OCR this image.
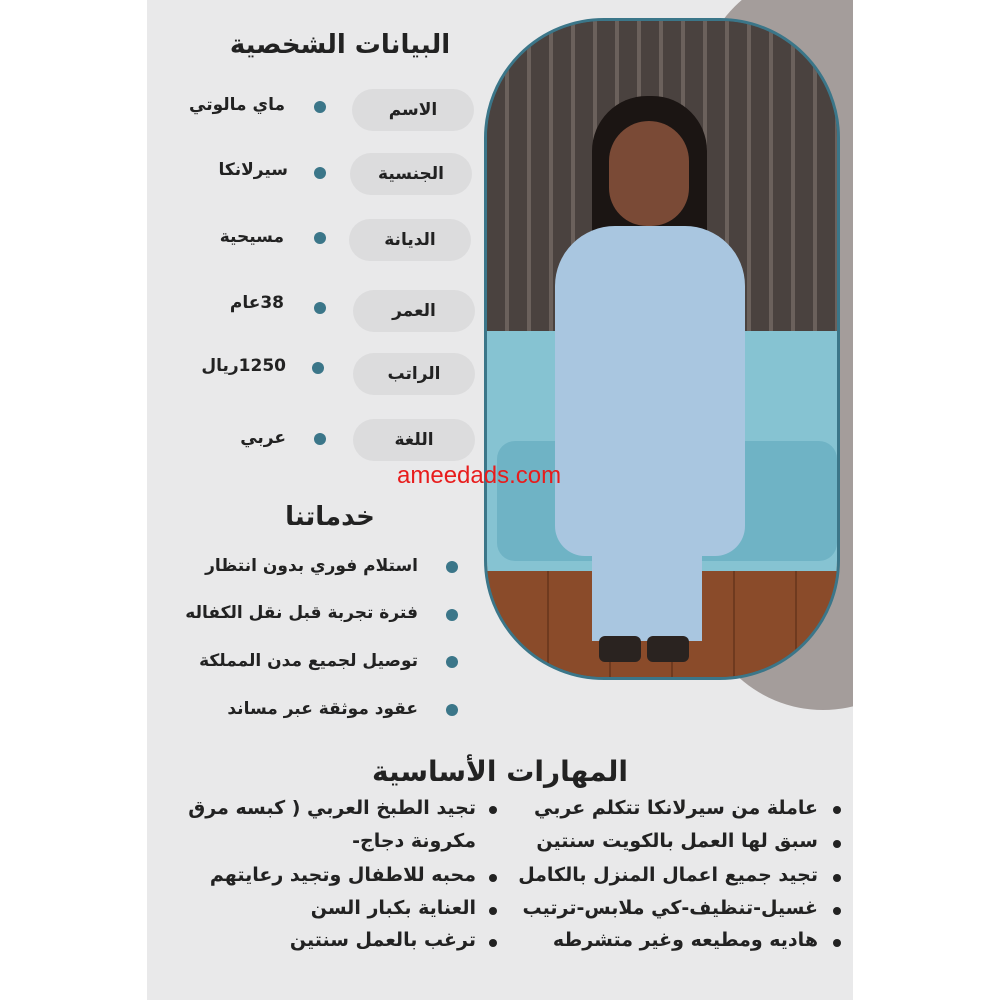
البيانات الشخصية
الاسم
ماي مالوتي
الجنسية
سيرلانكا
الديانة
مسيحية
العمر
38عام
الراتب
1250ريال
اللغة
عربي
ameedads.com
خدماتنا
استلام فوري بدون انتظار
فترة تجربة قبل نقل الكفاله
توصيل لجميع مدن المملكة
عقود موثقة عبر مساند
المهارات الأساسية
عاملة من سيرلانكا تتكلم عربي
سبق لها العمل بالكويت سنتين
تجيد جميع اعمال المنزل بالكامل
غسيل-تنظيف-كي ملابس-ترتيب
هاديه ومطيعه وغير متشرطه
تجيد الطبخ العربي ( كبسه مرق
مكرونة دجاج-
محبه للاطفال وتجيد رعايتهم
العناية بكبار السن
ترغب بالعمل سنتين
